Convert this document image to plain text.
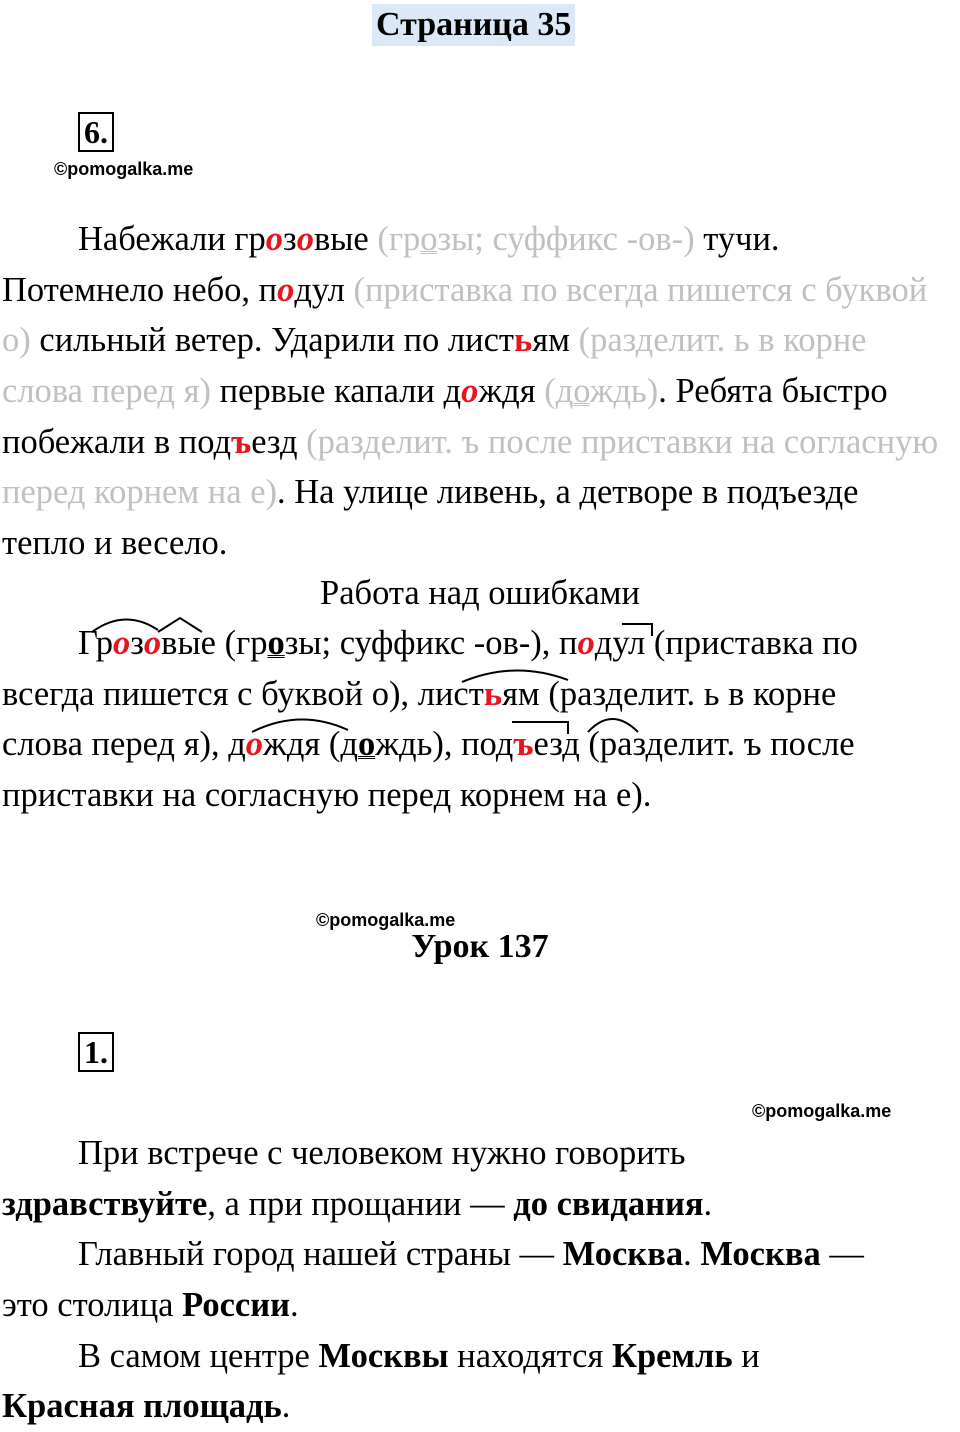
Страница 35
6.
©pomogalka.me
Набежали грозовые (грозы; суффикс -ов-) тучи.
Потемнело небо, подул (приставка по всегда пишется с буквой
о) сильный ветер. Ударили по листьям (разделит. ь в корне
слова перед я) первые капали дождя (дождь). Ребята быстро
побежали в подъезд (разделит. ъ после приставки на согласную
перед корнем на е). На улице ливень, а детворе в подъезде
тепло и весело.
Работа над ошибками
Грозовые (грозы; суффикс -ов-), подул (приставка по
всегда пишется с буквой о), листьям (разделит. ь в корне
слова перед я), дождя (дождь), подъезд (разделит. ъ после
приставки на согласную перед корнем на е).
©pomogalka.me
Урок 137
1.
©pomogalka.me
При встрече с человеком нужно говорить
здравствуйте, а при прощании — до свидания.
Главный город нашей страны — Москва. Москва —
это столица России.
В самом центре Москвы находятся Кремль и
Красная площадь.
